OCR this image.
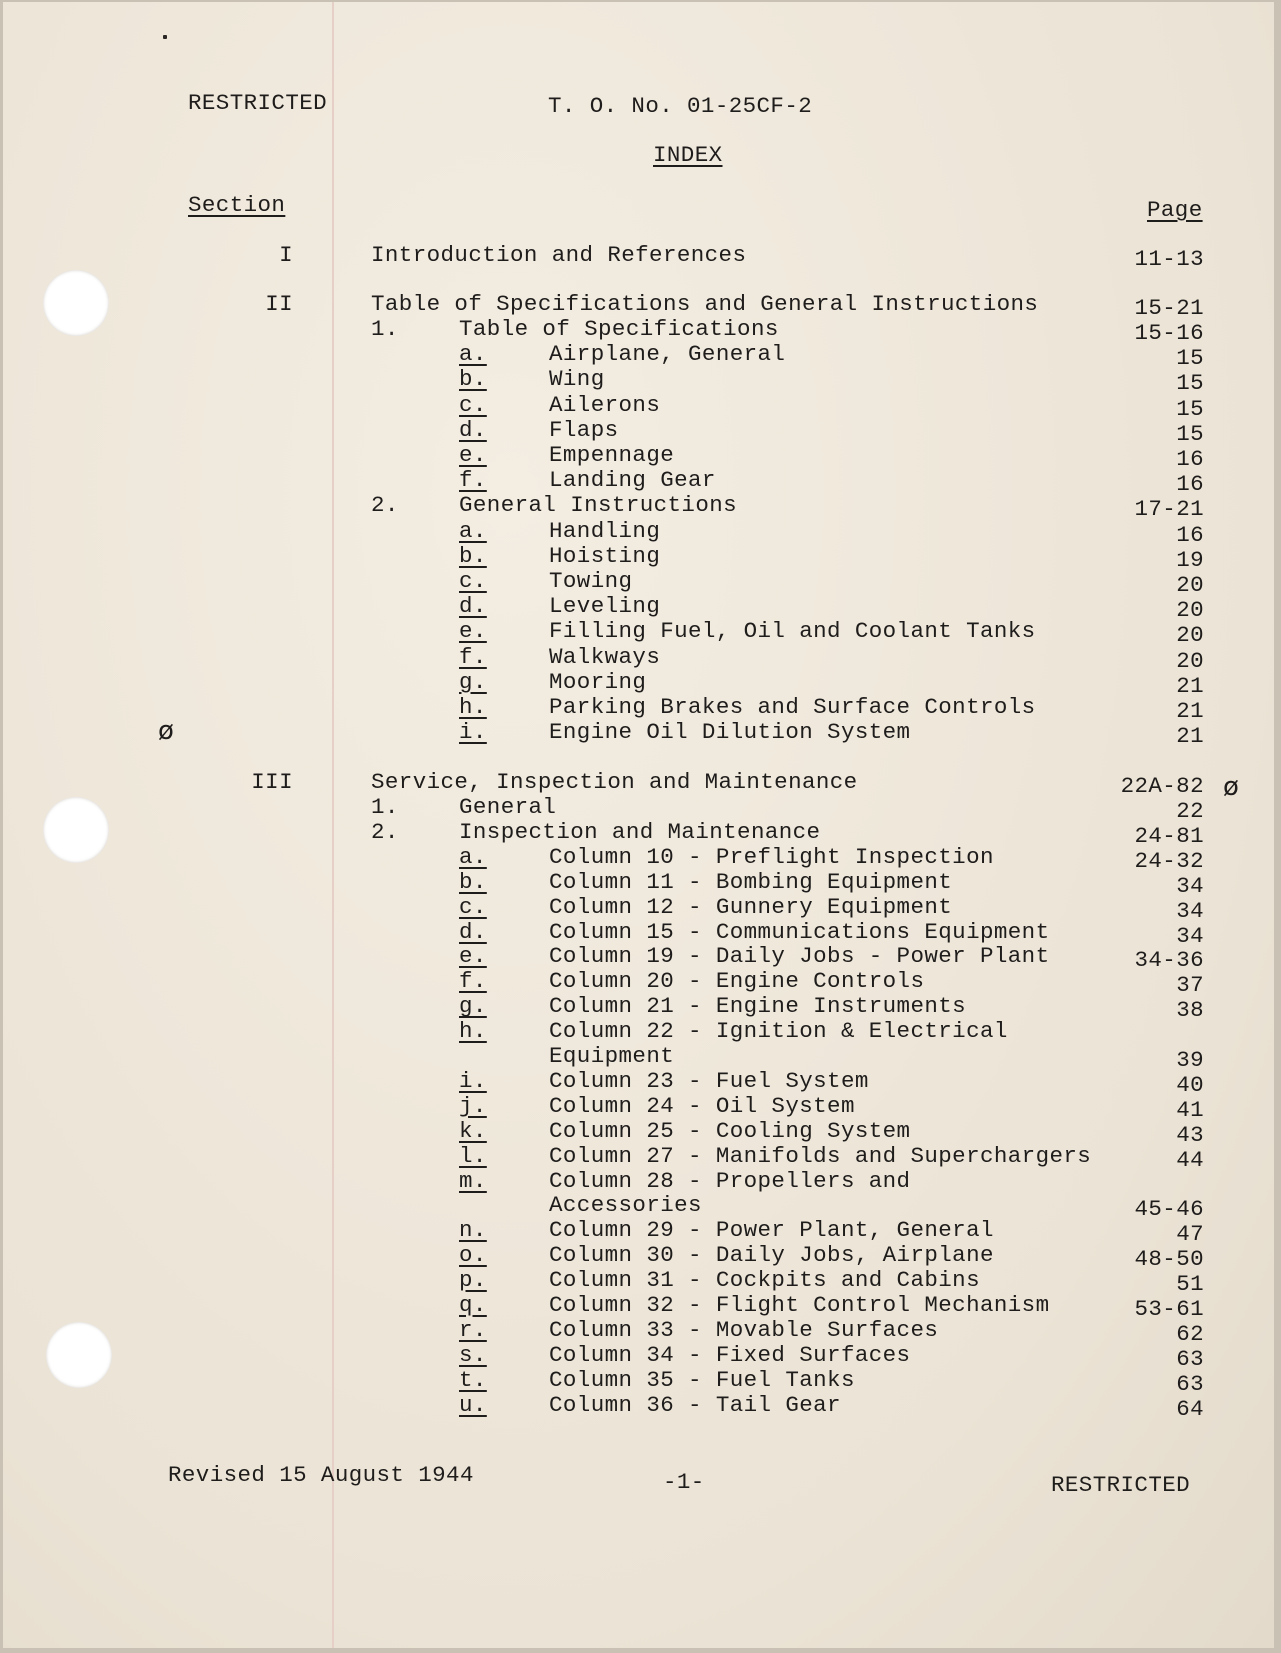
RESTRICTED	T. O. No. 01-25CF-2
INDEX
Section	Page
I	Introduction and References	11-13
II	Table of Specifications and General Instructions	15-21
1.	Table of Specifications	15-16
a.	Airplane, General	15
b.	Wing	15
c.	Ailerons	15
d.	Flaps	15
e.	Empennage	16
f.	Landing Gear	16
2.	General Instructions	17-21
a.	Handling	16
b.	Hoisting	19
c.	Towing	20
d.	Leveling	20
e.	Filling Fuel, Oil and Coolant Tanks	20
f.	Walkways	20
g.	Mooring	21
h.	Parking Brakes and Surface Controls	21
i.	Engine Oil Dilution System	21
III	Service, Inspection and Maintenance	22A-82
1.	General	22
2.	Inspection and Maintenance	24-81
a.	Column 10 - Preflight Inspection	24-32
b.	Column 11 - Bombing Equipment	34
c.	Column 12 - Gunnery Equipment	34
d.	Column 15 - Communications Equipment	34
e.	Column 19 - Daily Jobs - Power Plant	34-36
f.	Column 20 - Engine Controls	37
g.	Column 21 - Engine Instruments	38
h.	Column 22 - Ignition & Electrical
Equipment	39
i.	Column 23 - Fuel System	40
j.	Column 24 - Oil System	41
k.	Column 25 - Cooling System	43
l.	Column 27 - Manifolds and Superchargers	44
m.	Column 28 - Propellers and
Accessories	45-46
n.	Column 29 - Power Plant, General	47
o.	Column 30 - Daily Jobs, Airplane	48-50
p.	Column 31 - Cockpits and Cabins	51
q.	Column 32 - Flight Control Mechanism	53-61
r.	Column 33 - Movable Surfaces	62
s.	Column 34 - Fixed Surfaces	63
t.	Column 35 - Fuel Tanks	63
u.	Column 36 - Tail Gear	64
ø
ø
Revised 15 August 1944	-1-	RESTRICTED
